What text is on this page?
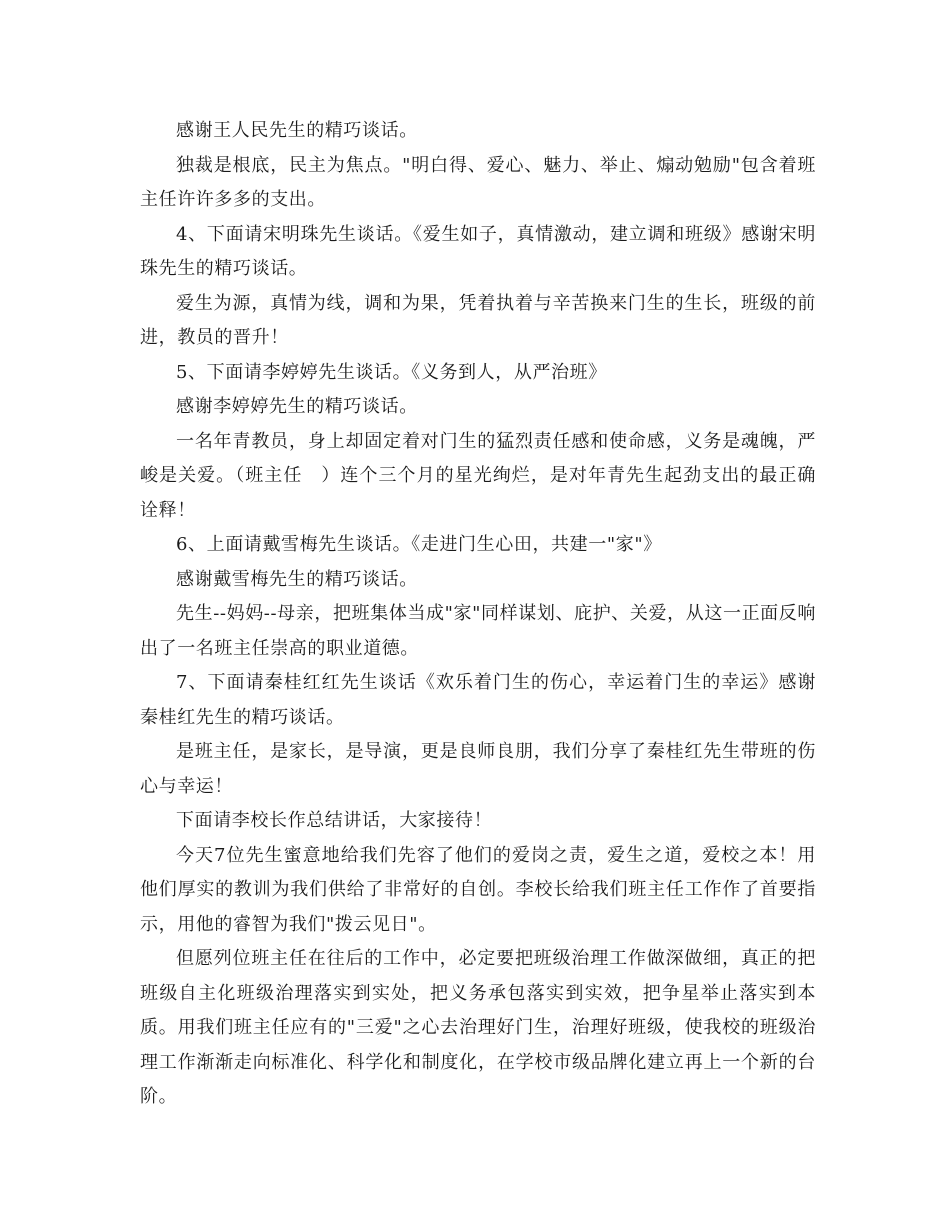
感谢王人民先生的精巧谈话。

独裁是根底，民主为焦点。"明白得、爱心、魅力、举止、煽动勉励"包含着班主任许许多多的支出。

4、下面请宋明珠先生谈话。《爱生如子，真情激动，建立调和班级》感谢宋明珠先生的精巧谈话。

爱生为源，真情为线，调和为果，凭着执着与辛苦换来门生的生长，班级的前进，教员的晋升！

5、下面请李婷婷先生谈话。《义务到人，从严治班》

感谢李婷婷先生的精巧谈话。

一名年青教员，身上却固定着对门生的猛烈责任感和使命感，义务是魂魄，严峻是关爱。（班主任　）连个三个月的星光绚烂，是对年青先生起劲支出的最正确诠释！

6、上面请戴雪梅先生谈话。《走进门生心田，共建一"家"》

感谢戴雪梅先生的精巧谈话。

先生--妈妈--母亲，把班集体当成"家"同样谋划、庇护、关爱，从这一正面反响出了一名班主任崇高的职业道德。

7、下面请秦桂红红先生谈话《欢乐着门生的伤心，幸运着门生的幸运》感谢秦桂红先生的精巧谈话。

是班主任，是家长，是导演，更是良师良朋，我们分享了秦桂红先生带班的伤心与幸运！

下面请李校长作总结讲话，大家接待！

今天7位先生蜜意地给我们先容了他们的爱岗之责，爱生之道，爱校之本！用他们厚实的教训为我们供给了非常好的自创。李校长给我们班主任工作作了首要指示，用他的睿智为我们"拨云见日"。

但愿列位班主任在往后的工作中，必定要把班级治理工作做深做细，真正的把班级自主化班级治理落实到实处，把义务承包落实到实效，把争星举止落实到本质。用我们班主任应有的"三爱"之心去治理好门生，治理好班级，使我校的班级治理工作渐渐走向标准化、科学化和制度化，在学校市级品牌化建立再上一个新的台阶。
